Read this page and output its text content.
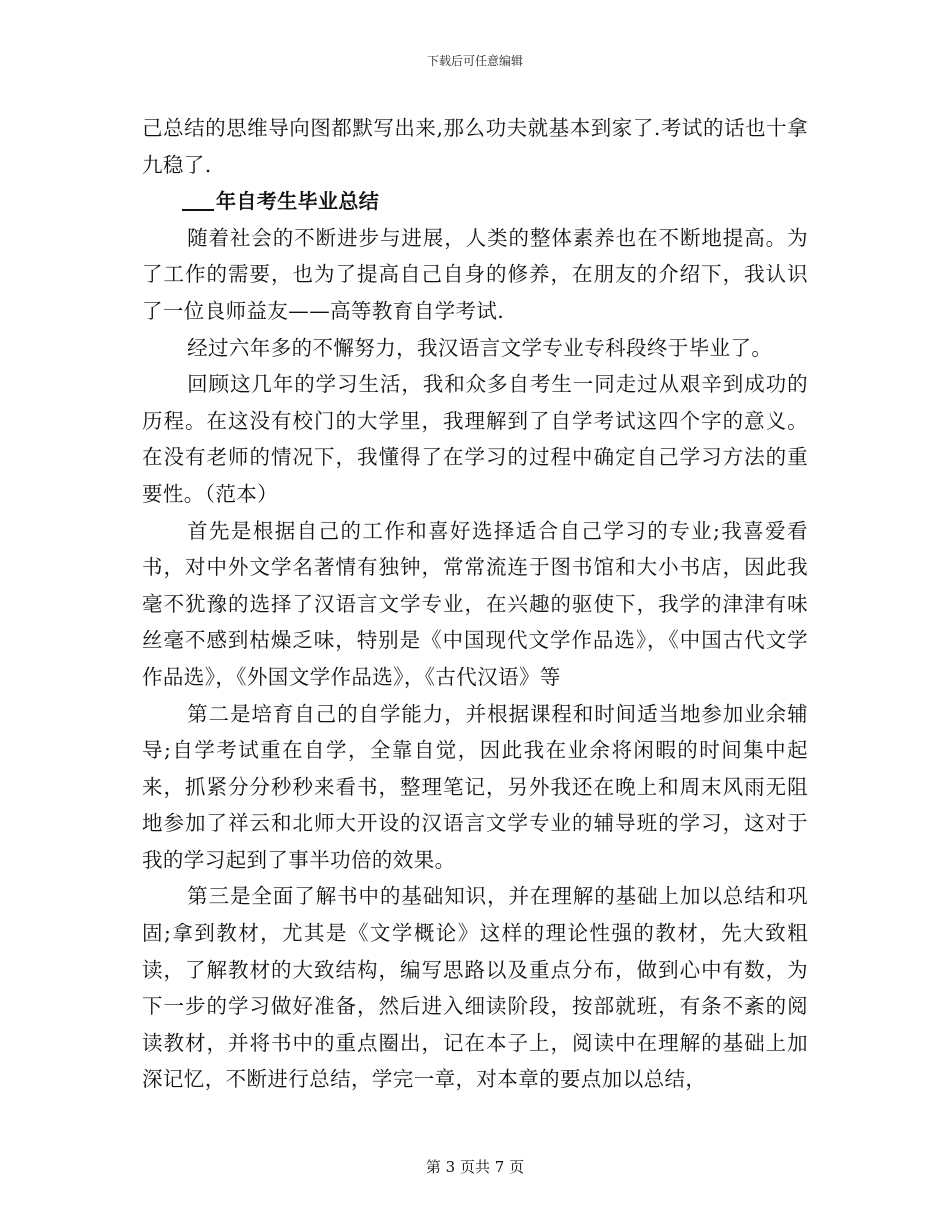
下载后可任意编辑

己总结的思维导向图都默写出来,那么功夫就基本到家了.考试的话也十拿九稳了.

年自考生毕业总结

随着社会的不断进步与进展，人类的整体素养也在不断地提高。为了工作的需要，也为了提高自己自身的修养，在朋友的介绍下，我认识了一位良师益友——高等教育自学考试.

经过六年多的不懈努力，我汉语言文学专业专科段终于毕业了。

回顾这几年的学习生活，我和众多自考生一同走过从艰辛到成功的历程。在这没有校门的大学里，我理解到了自学考试这四个字的意义。在没有老师的情况下，我懂得了在学习的过程中确定自己学习方法的重要性。（范本）

首先是根据自己的工作和喜好选择适合自己学习的专业;我喜爱看书，对中外文学名著情有独钟，常常流连于图书馆和大小书店，因此我毫不犹豫的选择了汉语言文学专业，在兴趣的驱使下，我学的津津有味丝毫不感到枯燥乏味，特别是《中国现代文学作品选》，《中国古代文学作品选》，《外国文学作品选》，《古代汉语》等

第二是培育自己的自学能力，并根据课程和时间适当地参加业余辅导;自学考试重在自学，全靠自觉，因此我在业余将闲暇的时间集中起来，抓紧分分秒秒来看书，整理笔记，另外我还在晚上和周末风雨无阻地参加了祥云和北师大开设的汉语言文学专业的辅导班的学习，这对于我的学习起到了事半功倍的效果。

第三是全面了解书中的基础知识，并在理解的基础上加以总结和巩固;拿到教材，尤其是《文学概论》这样的理论性强的教材，先大致粗读，了解教材的大致结构，编写思路以及重点分布，做到心中有数，为下一步的学习做好准备，然后进入细读阶段，按部就班，有条不紊的阅读教材，并将书中的重点圈出，记在本子上，阅读中在理解的基础上加深记忆，不断进行总结，学完一章，对本章的要点加以总结，

第 3 页共 7 页
